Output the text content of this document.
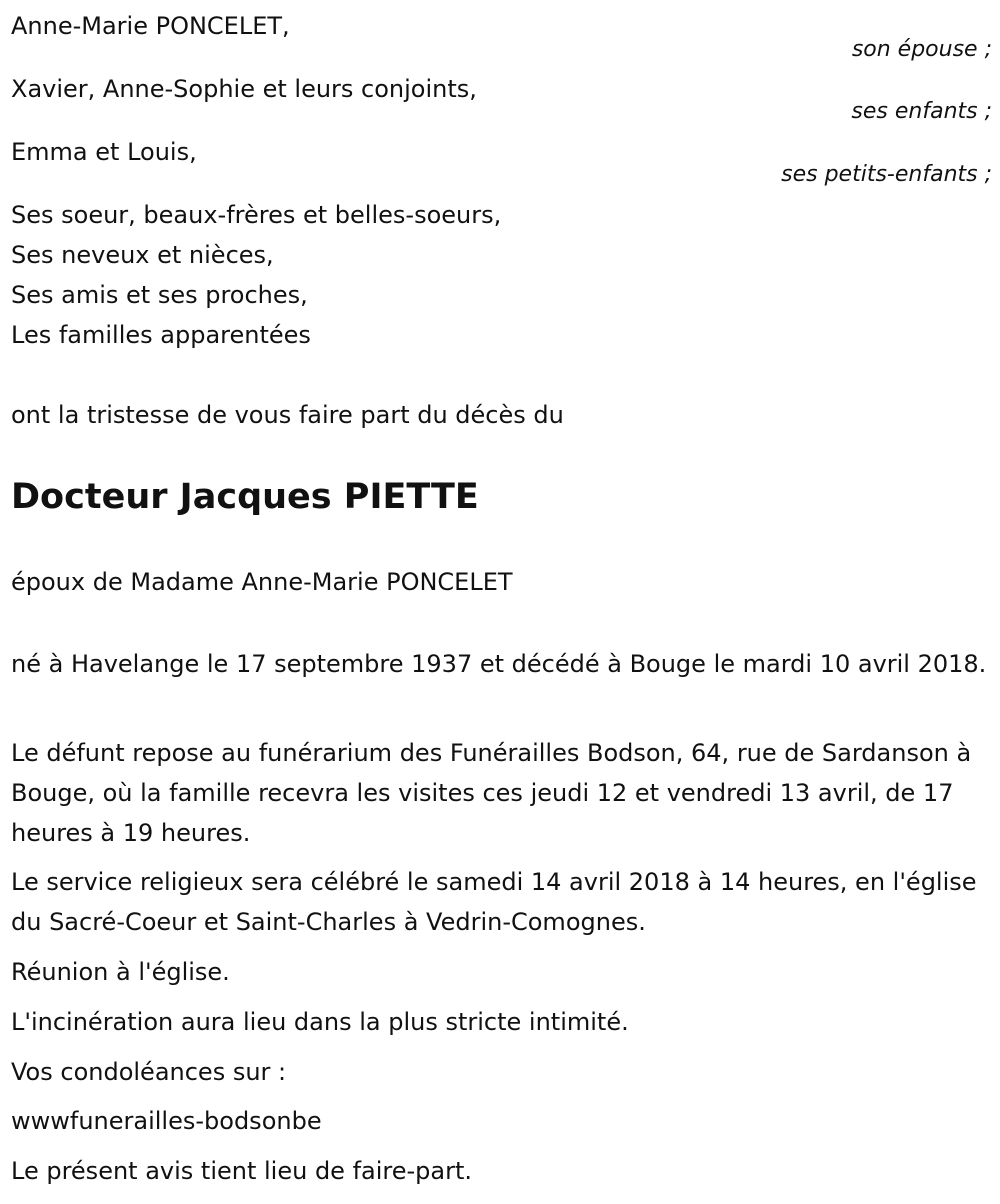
Anne-Marie PONCELET,
son épouse ;
Xavier, Anne-Sophie et leurs conjoints,
ses enfants ;
Emma et Louis,
ses petits-enfants ;
Ses soeur, beaux-frères et belles-soeurs,
Ses neveux et nièces,
Ses amis et ses proches,
Les familles apparentées
ont la tristesse de vous faire part du décès du
Docteur Jacques PIETTE
époux de Madame Anne-Marie PONCELET
né à Havelange le 17 septembre 1937 et décédé à Bouge le mardi 10 avril 2018.
Le défunt repose au funérarium des Funérailles Bodson, 64, rue de Sardanson à Bouge, où la famille recevra les visites ces jeudi 12 et vendredi 13 avril, de 17 heures à 19 heures.
Le service religieux sera célébré le samedi 14 avril 2018 à 14 heures, en l'église du Sacré-Coeur et Saint-Charles à Vedrin-Comognes.
Réunion à l'église.
L'incinération aura lieu dans la plus stricte intimité.
Vos condoléances sur :
wwwfunerailles-bodsonbe
Le présent avis tient lieu de faire-part.
